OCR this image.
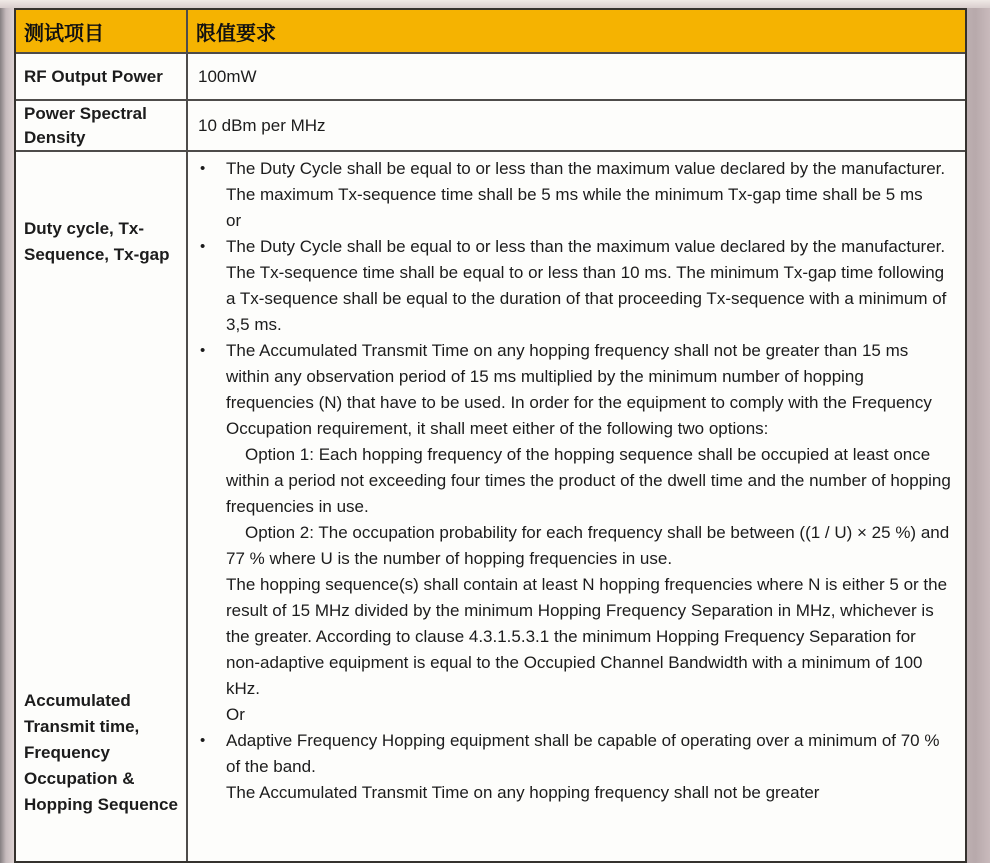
测试项目	限值要求
RF Output Power	100mW
Power Spectral Density
10 dBm per MHz
Duty cycle, Tx-Sequence, Tx-gap
Accumulated Transmit time, Frequency Occupation & Hopping Sequence
• The Duty Cycle shall be equal to or less than the maximum value declared by the manufacturer. The maximum Tx-sequence time shall be 5 ms while the minimum Tx-gap time shall be 5 ms
or
• The Duty Cycle shall be equal to or less than the maximum value declared by the manufacturer. The Tx-sequence time shall be equal to or less than 10 ms. The minimum Tx-gap time following a Tx-sequence shall be equal to the duration of that proceeding Tx-sequence with a minimum of 3,5 ms.
• The Accumulated Transmit Time on any hopping frequency shall not be greater than 15 ms within any observation period of 15 ms multiplied by the minimum number of hopping frequencies (N) that have to be used. In order for the equipment to comply with the Frequency Occupation requirement, it shall meet either of the following two options:
Option 1: Each hopping frequency of the hopping sequence shall be occupied at least once within a period not exceeding four times the product of the dwell time and the number of hopping frequencies in use.
Option 2: The occupation probability for each frequency shall be between ((1 / U) × 25 %) and 77 % where U is the number of hopping frequencies in use.
The hopping sequence(s) shall contain at least N hopping frequencies where N is either 5 or the result of 15 MHz divided by the minimum Hopping Frequency Separation in MHz, whichever is the greater. According to clause 4.3.1.5.3.1 the minimum Hopping Frequency Separation for non-adaptive equipment is equal to the Occupied Channel Bandwidth with a minimum of 100 kHz.
Or
• Adaptive Frequency Hopping equipment shall be capable of operating over a minimum of 70 % of the band.
The Accumulated Transmit Time on any hopping frequency shall not be greater
